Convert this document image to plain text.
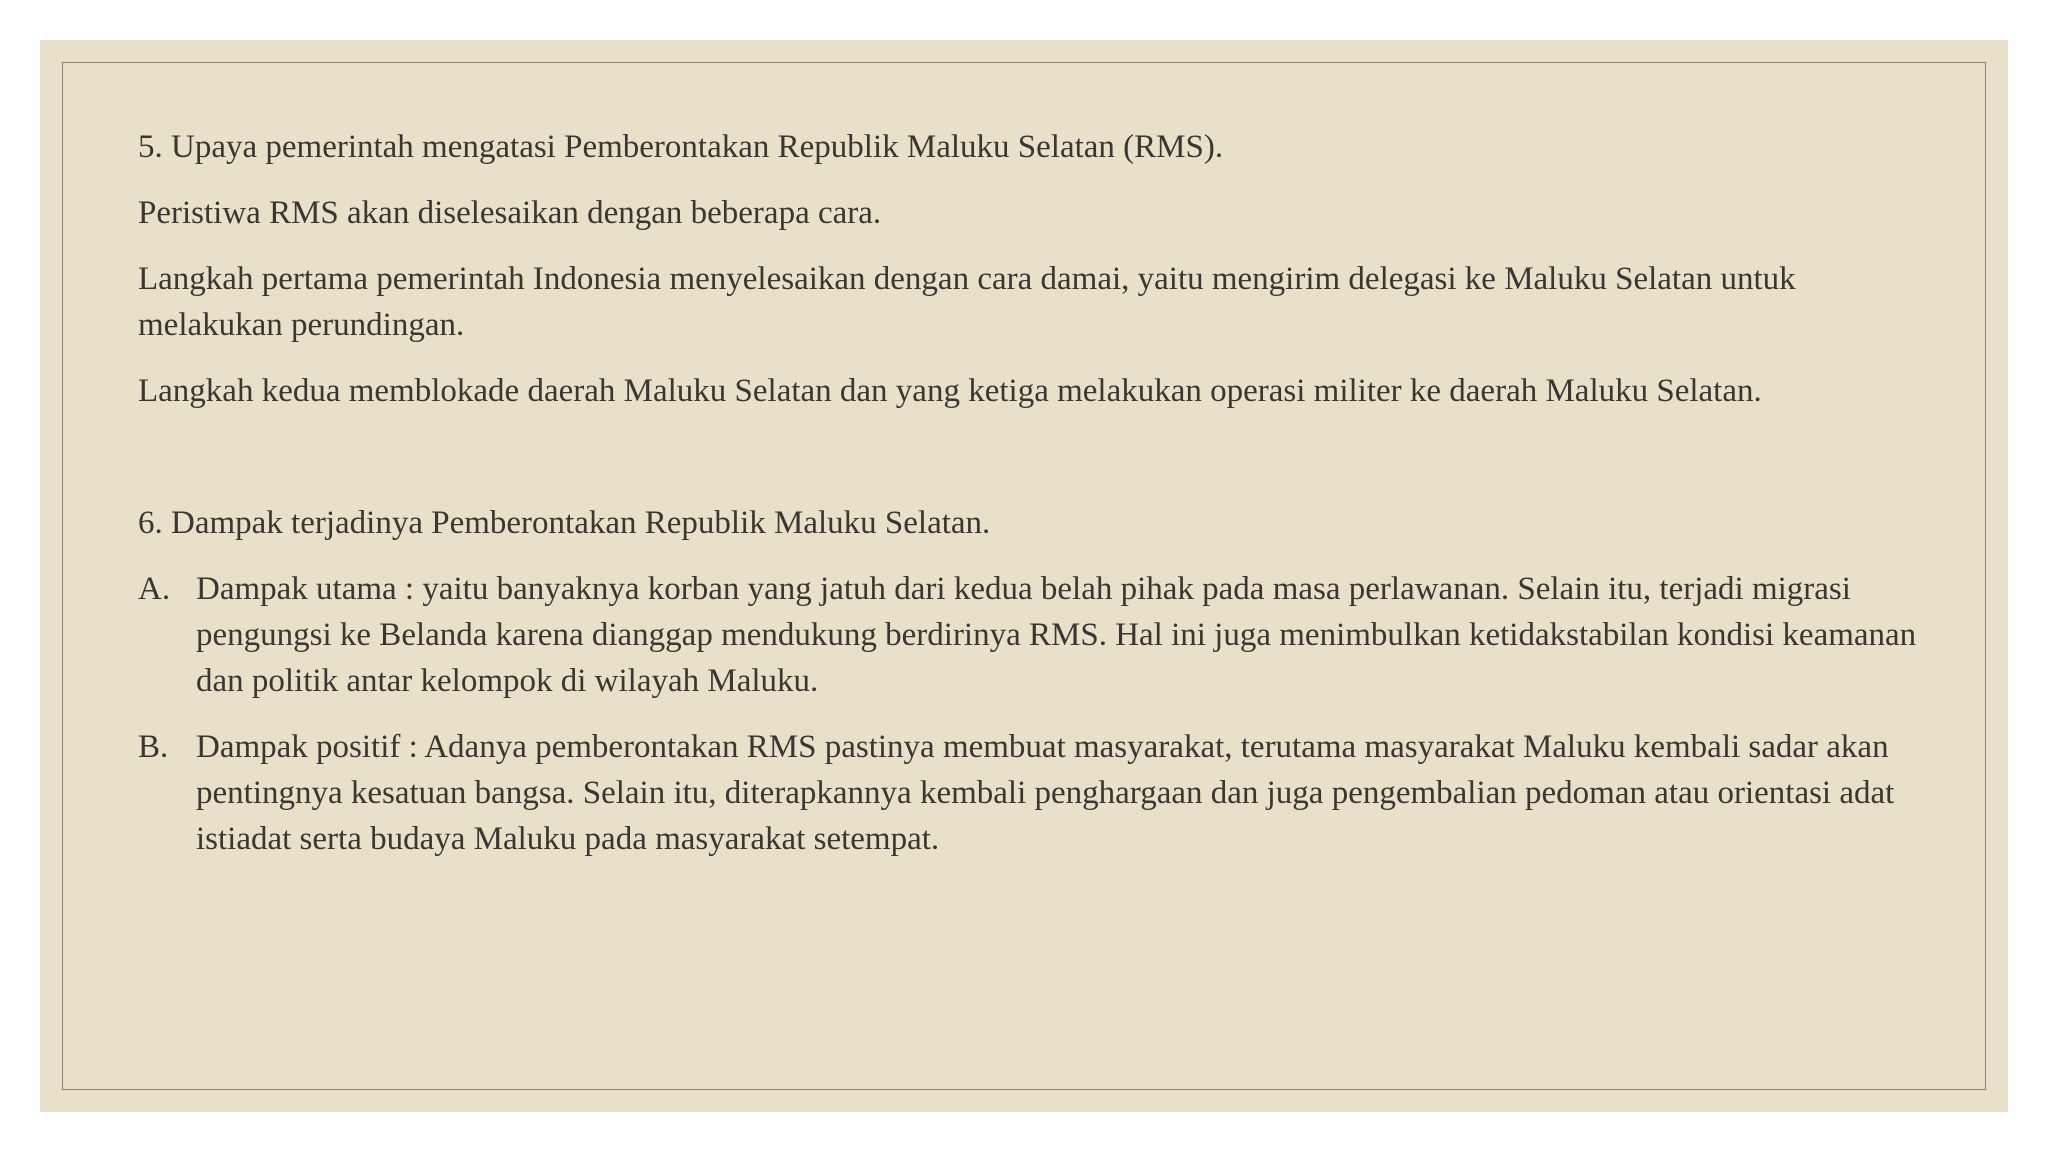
5. Upaya pemerintah mengatasi Pemberontakan Republik Maluku Selatan (RMS).

Peristiwa RMS akan diselesaikan dengan beberapa cara.

Langkah pertama pemerintah Indonesia menyelesaikan dengan cara damai, yaitu mengirim delegasi ke Maluku Selatan untuk melakukan perundingan.

Langkah kedua memblokade daerah Maluku Selatan dan yang ketiga melakukan operasi militer ke daerah Maluku Selatan.

6. Dampak terjadinya Pemberontakan Republik Maluku Selatan.

A. Dampak utama : yaitu banyaknya korban yang jatuh dari kedua belah pihak pada masa perlawanan. Selain itu, terjadi migrasi pengungsi ke Belanda karena dianggap mendukung berdirinya RMS. Hal ini juga menimbulkan ketidakstabilan kondisi keamanan dan politik antar kelompok di wilayah Maluku.
B. Dampak positif : Adanya pemberontakan RMS pastinya membuat masyarakat, terutama masyarakat Maluku kembali sadar akan pentingnya kesatuan bangsa. Selain itu, diterapkannya kembali penghargaan dan juga pengembalian pedoman atau orientasi adat istiadat serta budaya Maluku pada masyarakat setempat.
